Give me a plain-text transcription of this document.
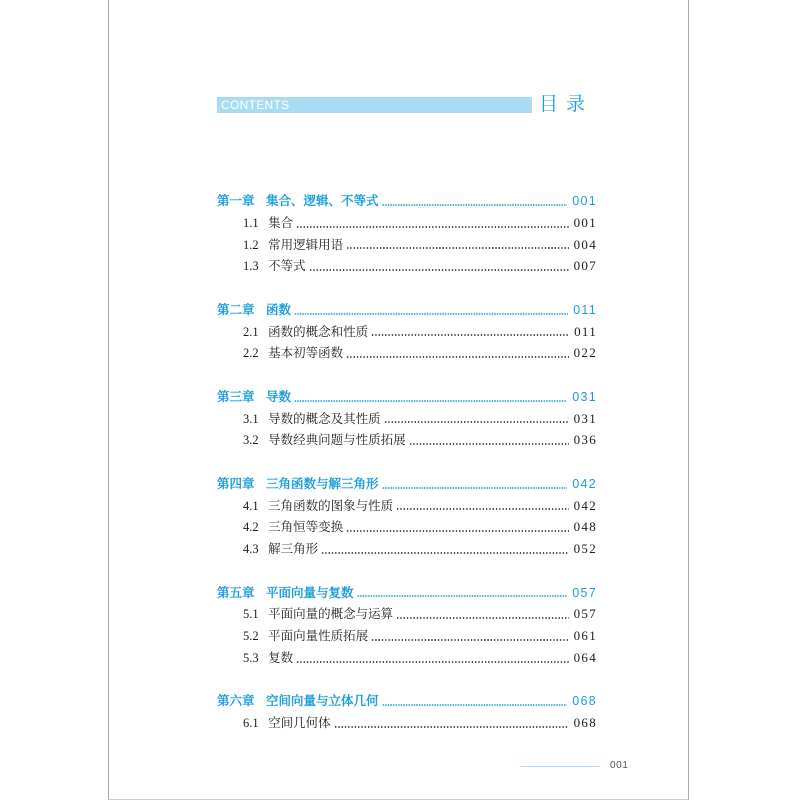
CONTENTS	目 录
第一章 集合、逻辑、不等式	001
1.1 集合	001
1.2 常用逻辑用语	004
1.3 不等式	007
第二章 函数	011
2.1 函数的概念和性质	011
2.2 基本初等函数	022
第三章 导数	031
3.1 导数的概念及其性质	031
3.2 导数经典问题与性质拓展	036
第四章 三角函数与解三角形	042
4.1 三角函数的图象与性质	042
4.2 三角恒等变换	048
4.3 解三角形	052
第五章 平面向量与复数	057
5.1 平面向量的概念与运算	057
5.2 平面向量性质拓展	061
5.3 复数	064
第六章 空间向量与立体几何	068
6.1 空间几何体	068
001
